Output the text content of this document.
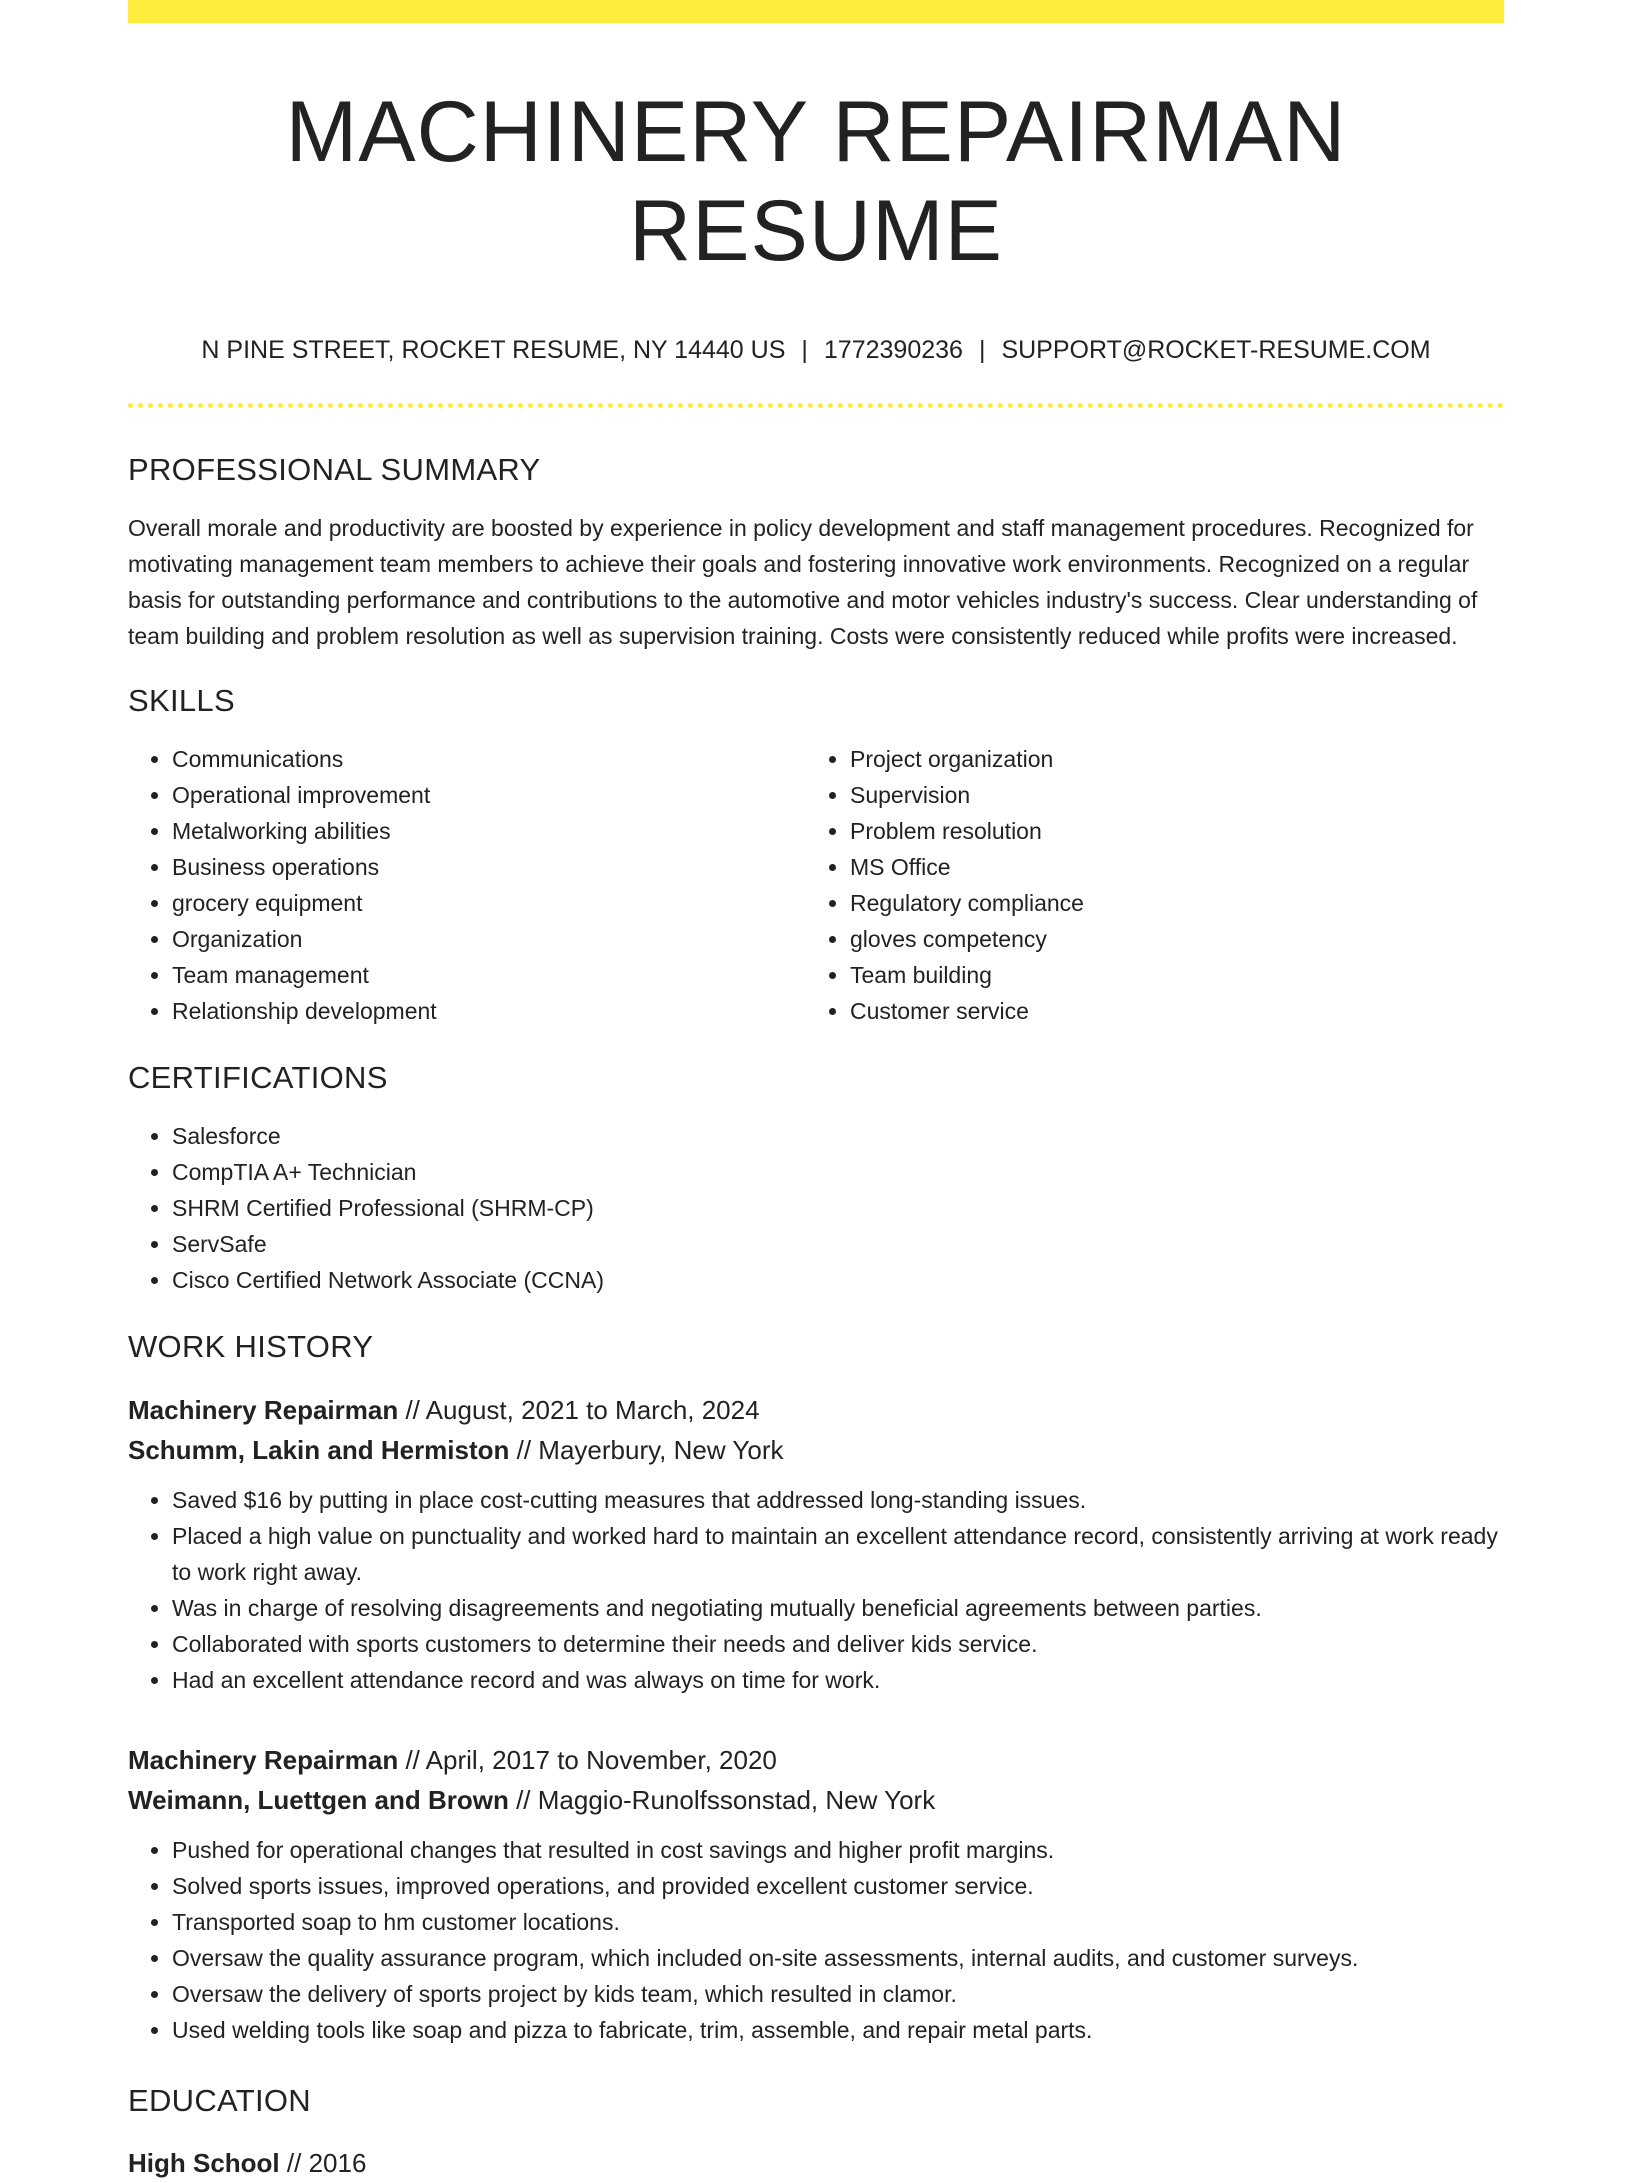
MACHINERY REPAIRMAN RESUME
N PINE STREET, ROCKET RESUME, NY 14440 US | 1772390236 | SUPPORT@ROCKET-RESUME.COM
PROFESSIONAL SUMMARY

Overall morale and productivity are boosted by experience in policy development and staff management procedures. Recognized for motivating management team members to achieve their goals and fostering innovative work environments. Recognized on a regular basis for outstanding performance and contributions to the automotive and motor vehicles industry's success. Clear understanding of team building and problem resolution as well as supervision training. Costs were consistently reduced while profits were increased.

SKILLS
• Communications
• Operational improvement
• Metalworking abilities
• Business operations
• grocery equipment
• Organization
• Team management
• Relationship development
• Project organization
• Supervision
• Problem resolution
• MS Office
• Regulatory compliance
• gloves competency
• Team building
• Customer service
CERTIFICATIONS
• Salesforce
• CompTIA A+ Technician
• SHRM Certified Professional (SHRM-CP)
• ServSafe
• Cisco Certified Network Associate (CCNA)
WORK HISTORY
Machinery Repairman // August, 2021 to March, 2024
Schumm, Lakin and Hermiston // Mayerbury, New York
• Saved $16 by putting in place cost-cutting measures that addressed long-standing issues.
• Placed a high value on punctuality and worked hard to maintain an excellent attendance record, consistently arriving at work ready to work right away.
• Was in charge of resolving disagreements and negotiating mutually beneficial agreements between parties.
• Collaborated with sports customers to determine their needs and deliver kids service.
• Had an excellent attendance record and was always on time for work.
Machinery Repairman // April, 2017 to November, 2020
Weimann, Luettgen and Brown // Maggio-Runolfssonstad, New York
• Pushed for operational changes that resulted in cost savings and higher profit margins.
• Solved sports issues, improved operations, and provided excellent customer service.
• Transported soap to hm customer locations.
• Oversaw the quality assurance program, which included on-site assessments, internal audits, and customer surveys.
• Oversaw the delivery of sports project by kids team, which resulted in clamor.
• Used welding tools like soap and pizza to fabricate, trim, assemble, and repair metal parts.
EDUCATION
High School // 2016
